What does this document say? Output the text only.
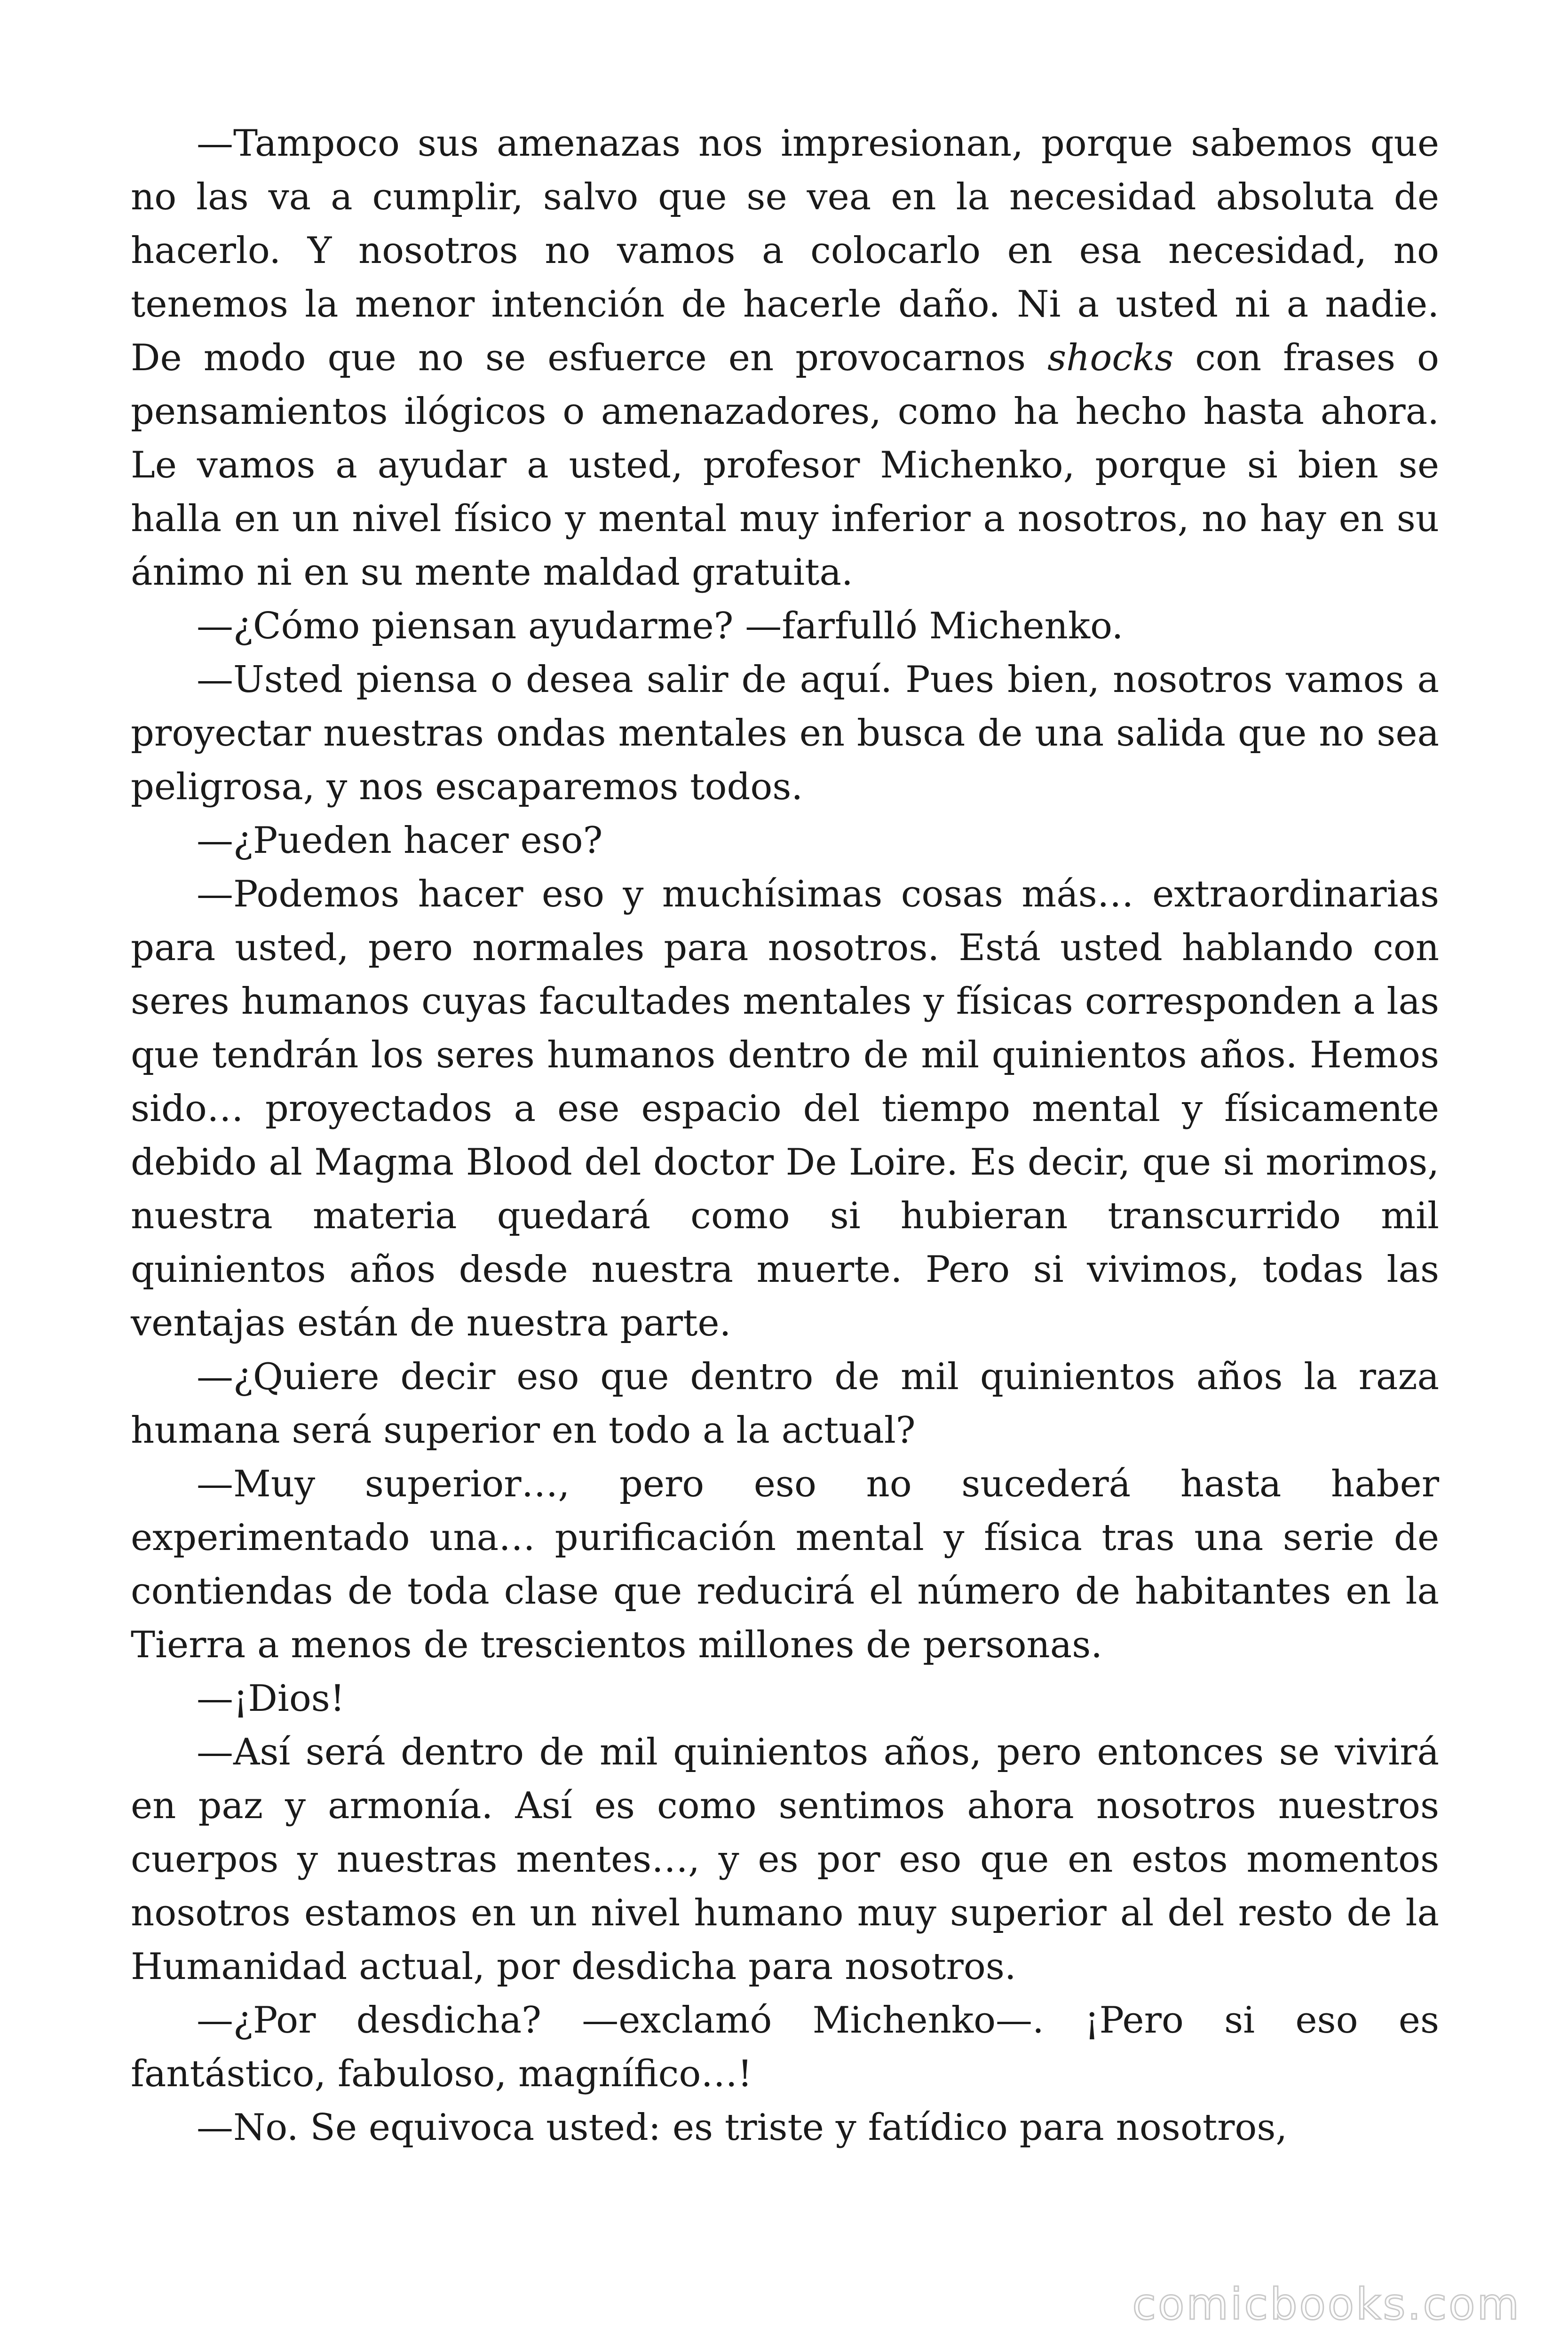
—Tampoco sus amenazas nos impresionan, porque sabemos que no las va a cumplir, salvo que se vea en la necesidad absoluta de hacerlo. Y nosotros no vamos a colocarlo en esa necesidad, no tenemos la menor intención de hacerle daño. Ni a usted ni a nadie. De modo que no se esfuerce en provocarnos shocks con frases o pensamientos ilógicos o amenazadores, como ha hecho hasta ahora. Le vamos a ayudar a usted, profesor Michenko, porque si bien se halla en un nivel físico y mental muy inferior a nosotros, no hay en su ánimo ni en su mente maldad gratuita.

—¿Cómo piensan ayudarme? —farfulló Michenko.

—Usted piensa o desea salir de aquí. Pues bien, nosotros vamos a proyectar nuestras ondas mentales en busca de una salida que no sea peligrosa, y nos escaparemos todos.

—¿Pueden hacer eso?

—Podemos hacer eso y muchísimas cosas más… extraordinarias para usted, pero normales para nosotros. Está usted hablando con seres humanos cuyas facultades mentales y físicas corresponden a las que tendrán los seres humanos dentro de mil quinientos años. Hemos sido… proyectados a ese espacio del tiempo mental y físicamente debido al Magma Blood del doctor De Loire. Es decir, que si morimos, nuestra materia quedará como si hubieran transcurrido mil quinientos años desde nuestra muerte. Pero si vivimos, todas las ventajas están de nuestra parte.

—¿Quiere decir eso que dentro de mil quinientos años la raza humana será superior en todo a la actual?

—Muy superior…, pero eso no sucederá hasta haber experimentado una… purificación mental y física tras una serie de contiendas de toda clase que reducirá el número de habitantes en la Tierra a menos de trescientos millones de personas.

—¡Dios!

—Así será dentro de mil quinientos años, pero entonces se vivirá en paz y armonía. Así es como sentimos ahora nosotros nuestros cuerpos y nuestras mentes…, y es por eso que en estos momentos nosotros estamos en un nivel humano muy superior al del resto de la Humanidad actual, por desdicha para nosotros.

—¿Por desdicha? —exclamó Michenko—. ¡Pero si eso es fantástico, fabuloso, magnífico…!

—No. Se equivoca usted: es triste y fatídico para nosotros,

comicbooks.com
